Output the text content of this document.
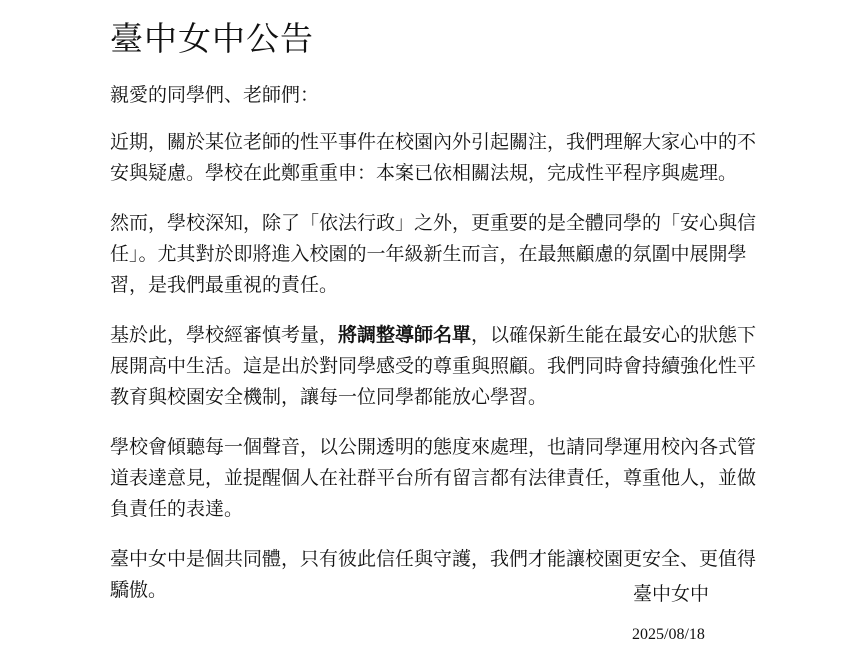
臺中女中公告

親愛的同學們、老師們：

近期，關於某位老師的性平事件在校園內外引起關注，我們理解大家心中的不
安與疑慮。學校在此鄭重重申：本案已依相關法規，完成性平程序與處理。
然而，學校深知，除了「依法行政」之外，更重要的是全體同學的「安心與信
任」。尤其對於即將進入校園的一年級新生而言，在最無顧慮的氛圍中展開學
習，是我們最重視的責任。
基於此，學校經審慎考量，將調整導師名單，以確保新生能在最安心的狀態下
展開高中生活。這是出於對同學感受的尊重與照顧。我們同時會持續強化性平
教育與校園安全機制，讓每一位同學都能放心學習。
學校會傾聽每一個聲音，以公開透明的態度來處理，也請同學運用校內各式管
道表達意見，並提醒個人在社群平台所有留言都有法律責任，尊重他人，並做
負責任的表達。
臺中女中是個共同體，只有彼此信任與守護，我們才能讓校園更安全、更值得
驕傲。	臺中女中
2025/08/18
